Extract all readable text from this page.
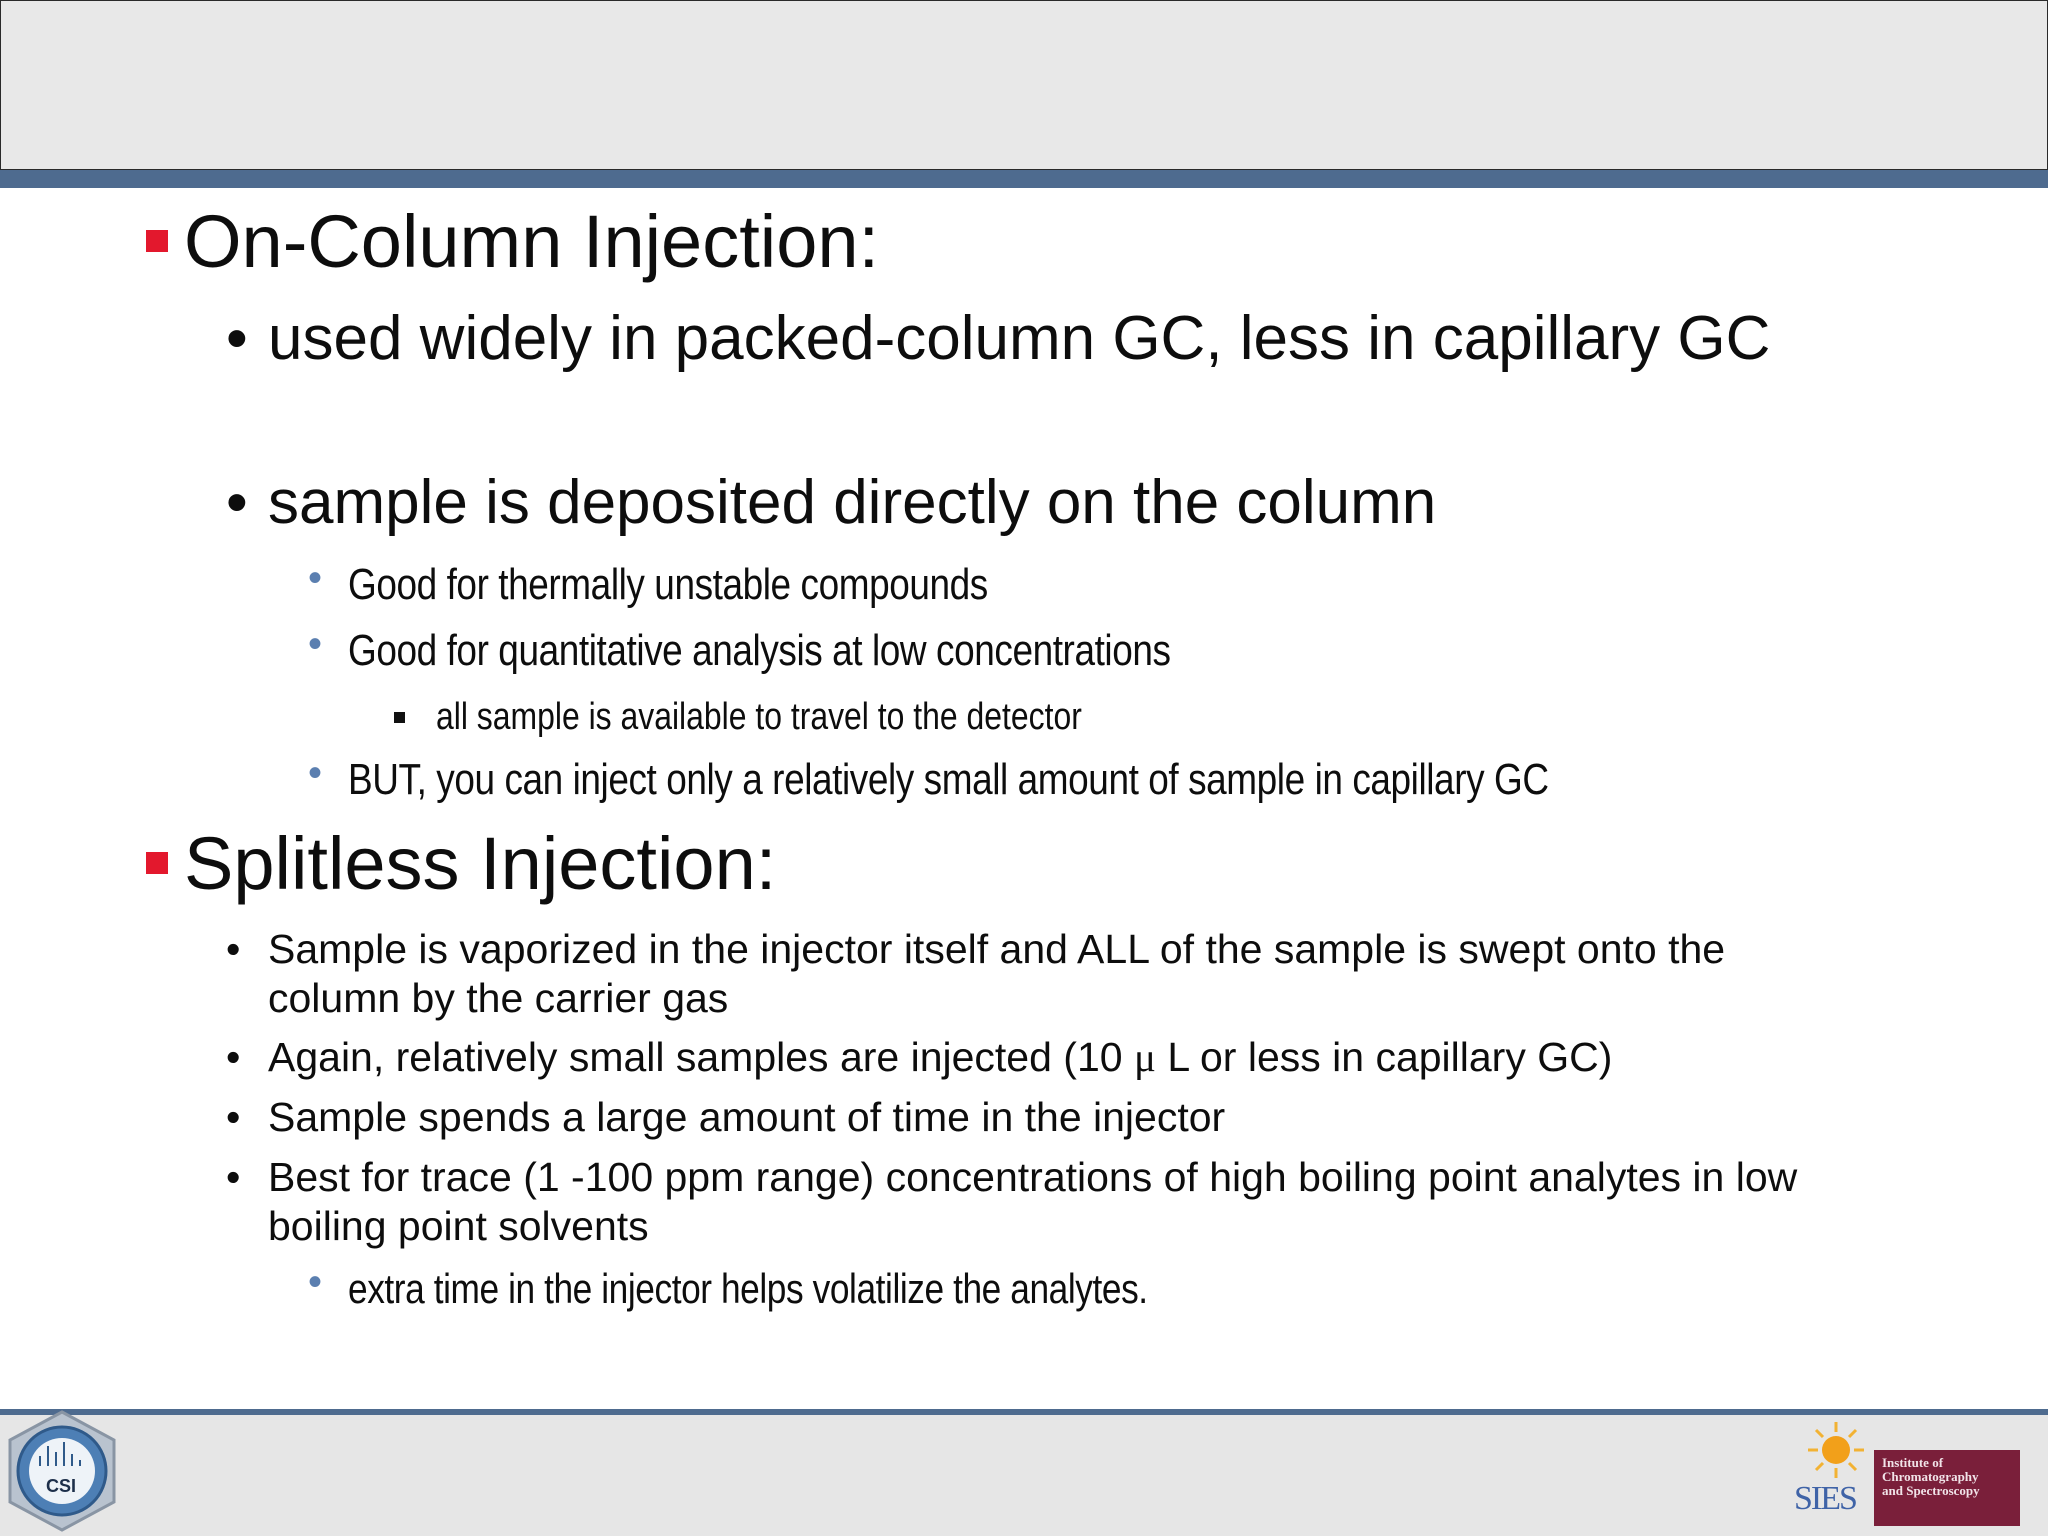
On-Column Injection:
• used widely in packed-column GC, less in capillary GC
• sample is deposited directly on the column
• Good for thermally unstable compounds
• Good for quantitative analysis at low concentrations
all sample is available to travel to the detector
• BUT, you can inject only a relatively small amount of sample in capillary GC
Splitless Injection:
• Sample is vaporized in the injector itself and ALL of the sample is swept onto the column by the carrier gas
• Again, relatively small samples are injected (10 μ L or less in capillary GC)
• Sample spends a large amount of time in the injector
• Best for trace (1 -100 ppm range) concentrations of high boiling point analytes in low boiling point solvents
• extra time in the injector helps volatilize the analytes.
CSI	SIES
Institute of
Chromatography
and Spectroscopy
